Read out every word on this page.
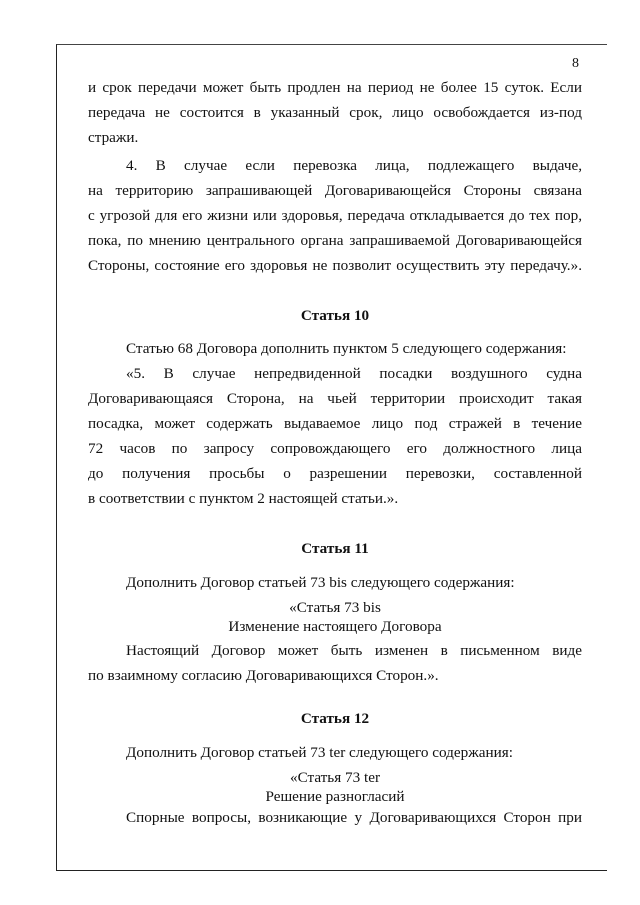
8
и срок передачи может быть продлен на период не более 15 суток. Если
передача не состоится в указанный срок, лицо освобождается из-под
стражи.
4. В случае если перевозка лица, подлежащего выдаче,
на территорию запрашивающей Договаривающейся Стороны связана
с угрозой для его жизни или здоровья, передача откладывается до тех пор,
пока, по мнению центрального органа запрашиваемой Договаривающейся
Стороны, состояние его здоровья не позволит осуществить эту передачу.».
Статья 10
Статью 68 Договора дополнить пунктом 5 следующего содержания:
«5. В случае непредвиденной посадки воздушного судна
Договаривающаяся Сторона, на чьей территории происходит такая
посадка, может содержать выдаваемое лицо под стражей в течение
72 часов по запросу сопровождающего его должностного лица
до получения просьбы о разрешении перевозки, составленной
в соответствии с пунктом 2 настоящей статьи.».
Статья 11
Дополнить Договор статьей 73 bis следующего содержания:
«Статья 73 bis
Изменение настоящего Договора
Настоящий Договор может быть изменен в письменном виде
по взаимному согласию Договаривающихся Сторон.».
Статья 12
Дополнить Договор статьей 73 ter следующего содержания:
«Статья 73 ter
Решение разногласий
Спорные вопросы, возникающие у Договаривающихся Сторон при
